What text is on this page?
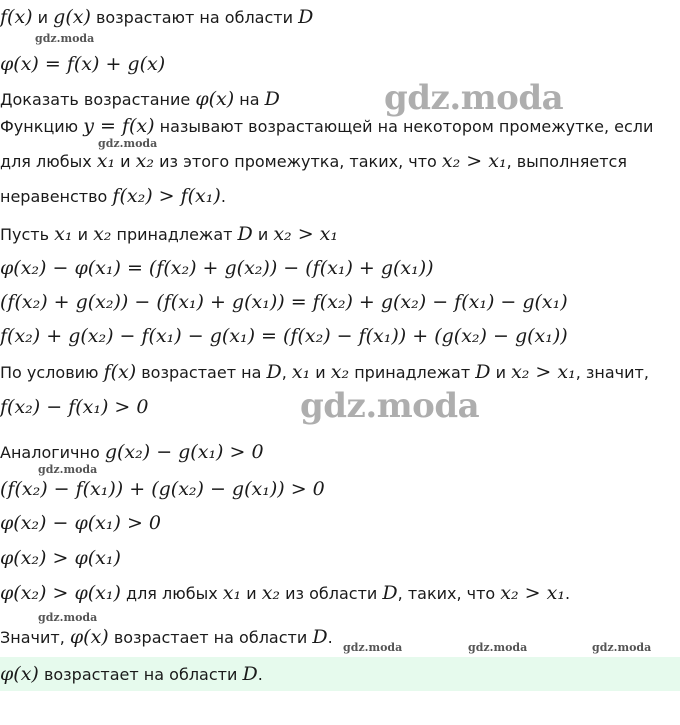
f(x) и g(x) возрастают на области D
φ(x) = f(x) + g(x)
Доказать возрастание φ(x) на D
Функцию y = f(x) называют возрастающей на некотором промежутке, если
для любых x₁ и x₂ из этого промежутка, таких, что x₂ > x₁, выполняется
неравенство f(x₂) > f(x₁).
Пусть x₁ и x₂ принадлежат D и x₂ > x₁
φ(x₂) − φ(x₁) = (f(x₂) + g(x₂)) − (f(x₁) + g(x₁))
(f(x₂) + g(x₂)) − (f(x₁) + g(x₁)) = f(x₂) + g(x₂) − f(x₁) − g(x₁)
f(x₂) + g(x₂) − f(x₁) − g(x₁) = (f(x₂) − f(x₁)) + (g(x₂) − g(x₁))
По условию f(x) возрастает на D, x₁ и x₂ принадлежат D и x₂ > x₁, значит,
f(x₂) − f(x₁) > 0
Аналогично g(x₂) − g(x₁) > 0
(f(x₂) − f(x₁)) + (g(x₂) − g(x₁)) > 0
φ(x₂) − φ(x₁) > 0
φ(x₂) > φ(x₁)
φ(x₂) > φ(x₁) для любых x₁ и x₂ из области D, таких, что x₂ > x₁.
Значит, φ(x) возрастает на области D.
φ(x) возрастает на области D.
gdz.moda
gdz.moda
gdz.moda
gdz.moda
gdz.moda
gdz.moda
gdz.moda	gdz.moda	gdz.moda
